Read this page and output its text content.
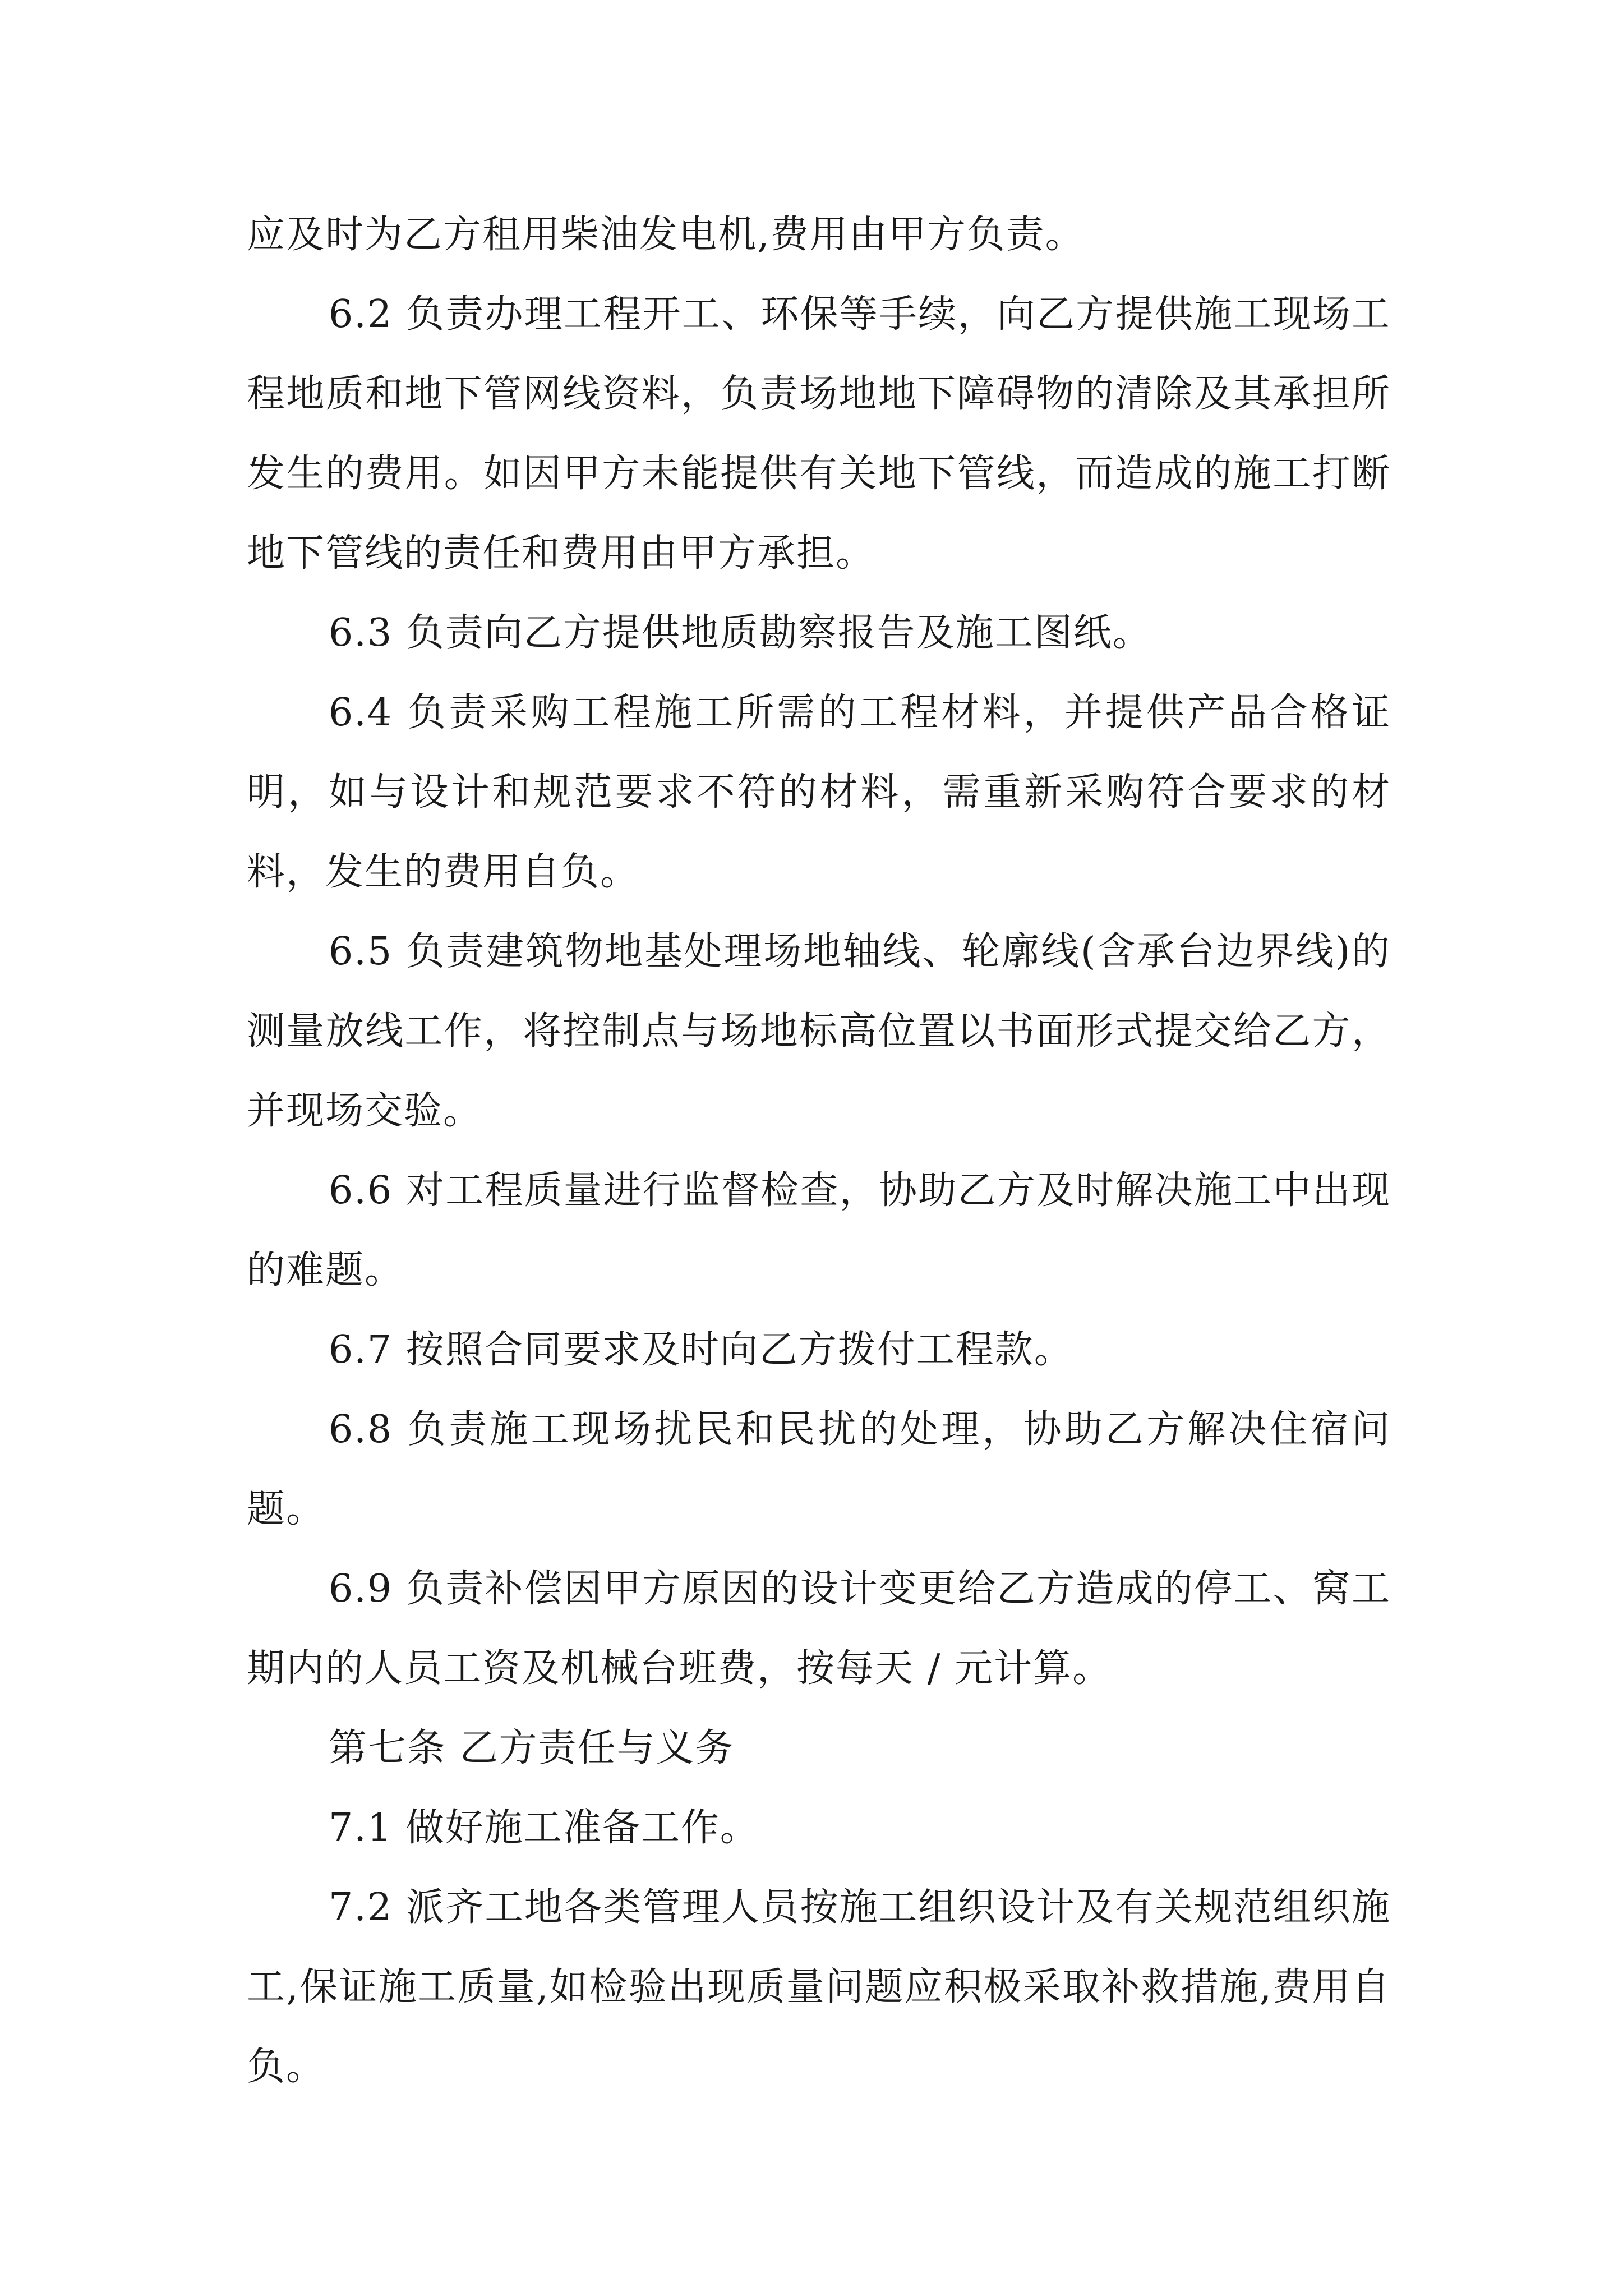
应及时为乙方租用柴油发电机,费用由甲方负责。

6.2 负责办理工程开工、环保等手续，向乙方提供施工现场工程地质和地下管网线资料，负责场地地下障碍物的清除及其承担所发生的费用。如因甲方未能提供有关地下管线，而造成的施工打断地下管线的责任和费用由甲方承担。

6.3 负责向乙方提供地质勘察报告及施工图纸。

6.4 负责采购工程施工所需的工程材料，并提供产品合格证明，如与设计和规范要求不符的材料，需重新采购符合要求的材料，发生的费用自负。

6.5 负责建筑物地基处理场地轴线、轮廓线(含承台边界线)的测量放线工作，将控制点与场地标高位置以书面形式提交给乙方，并现场交验。

6.6 对工程质量进行监督检查，协助乙方及时解决施工中出现的难题。

6.7 按照合同要求及时向乙方拨付工程款。

6.8 负责施工现场扰民和民扰的处理，协助乙方解决住宿问题。

6.9 负责补偿因甲方原因的设计变更给乙方造成的停工、窝工期内的人员工资及机械台班费，按每天 / 元计算。

第七条 乙方责任与义务

7.1 做好施工准备工作。

7.2 派齐工地各类管理人员按施工组织设计及有关规范组织施工,保证施工质量,如检验出现质量问题应积极采取补救措施,费用自负。
